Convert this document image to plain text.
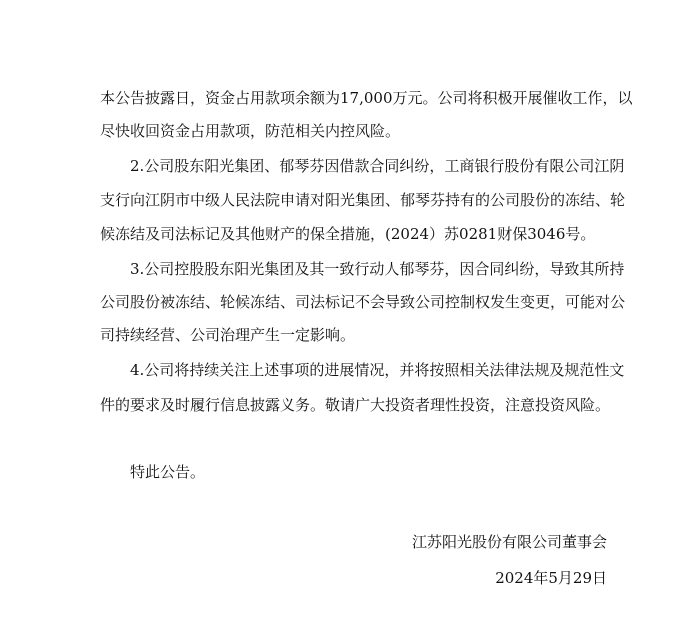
本公告披露日，资金占用款项余额为17,000万元。公司将积极开展催收工作，以
尽快收回资金占用款项，防范相关内控风险。
2.公司股东阳光集团、郁琴芬因借款合同纠纷，工商银行股份有限公司江阴
支行向江阴市中级人民法院申请对阳光集团、郁琴芬持有的公司股份的冻结、轮
候冻结及司法标记及其他财产的保全措施，(2024）苏0281财保3046号。
3.公司控股股东阳光集团及其一致行动人郁琴芬，因合同纠纷，导致其所持
公司股份被冻结、轮候冻结、司法标记不会导致公司控制权发生变更，可能对公
司持续经营、公司治理产生一定影响。
4.公司将持续关注上述事项的进展情况，并将按照相关法律法规及规范性文
件的要求及时履行信息披露义务。敬请广大投资者理性投资，注意投资风险。
特此公告。
江苏阳光股份有限公司董事会
2024年5月29日
